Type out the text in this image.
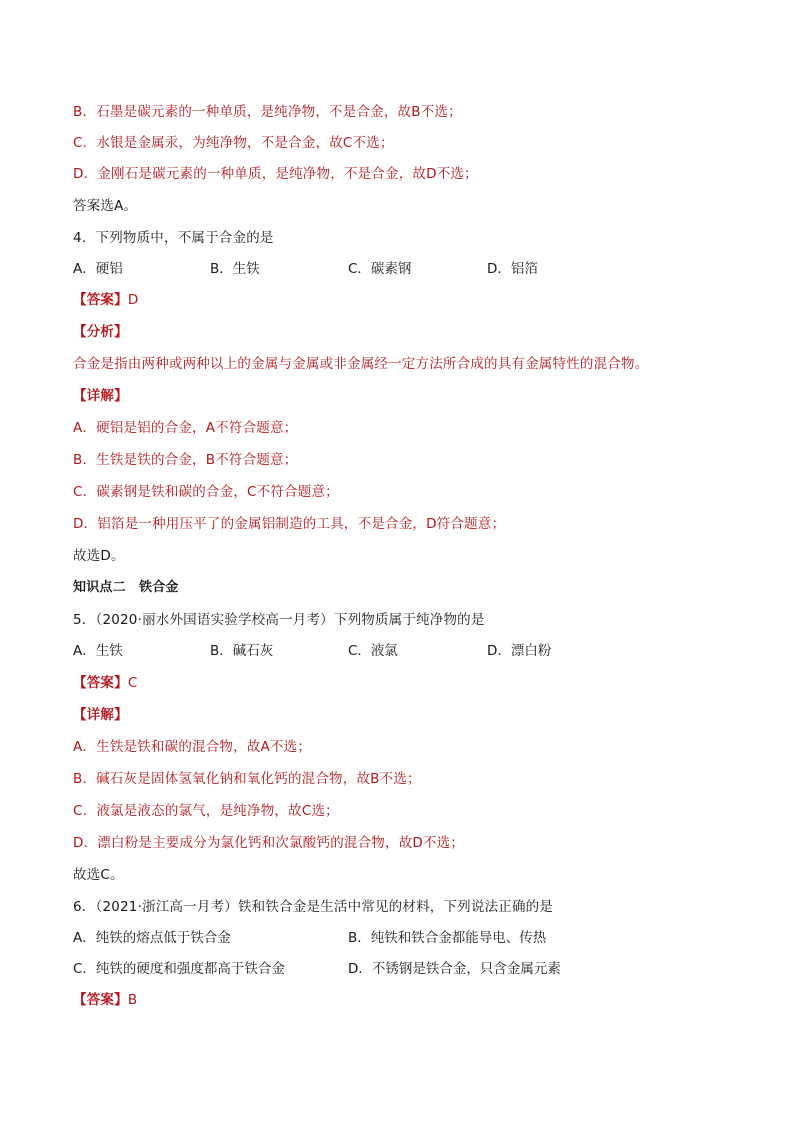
B．石墨是碳元素的一种单质，是纯净物，不是合金，故B不选；
C．水银是金属汞，为纯净物，不是合金，故C不选；
D．金刚石是碳元素的一种单质，是纯净物，不是合金，故D不选；
答案选A。
4．下列物质中，不属于合金的是
A．硬铝	B．生铁	C．碳素钢	D．铝箔
【答案】D
【分析】
合金是指由两种或两种以上的金属与金属或非金属经一定方法所合成的具有金属特性的混合物。
【详解】
A．硬铝是铝的合金，A不符合题意；
B．生铁是铁的合金，B不符合题意；
C．碳素钢是铁和碳的合金，C不符合题意；
D．铝箔是一种用压平了的金属铝制造的工具，不是合金，D符合题意；
故选D。
知识点二　铁合金
5．（2020·丽水外国语实验学校高一月考）下列物质属于纯净物的是
A．生铁	B．碱石灰	C．液氯	D．漂白粉
【答案】C
【详解】
A．生铁是铁和碳的混合物，故A不选；
B．碱石灰是固体氢氧化钠和氧化钙的混合物，故B不选；
C．液氯是液态的氯气，是纯净物，故C选；
D．漂白粉是主要成分为氯化钙和次氯酸钙的混合物，故D不选；
故选C。
6．（2021·浙江高一月考）铁和铁合金是生活中常见的材料，下列说法正确的是
A．纯铁的熔点低于铁合金	B．纯铁和铁合金都能导电、传热
C．纯铁的硬度和强度都高于铁合金	D．不锈钢是铁合金，只含金属元素
【答案】B
